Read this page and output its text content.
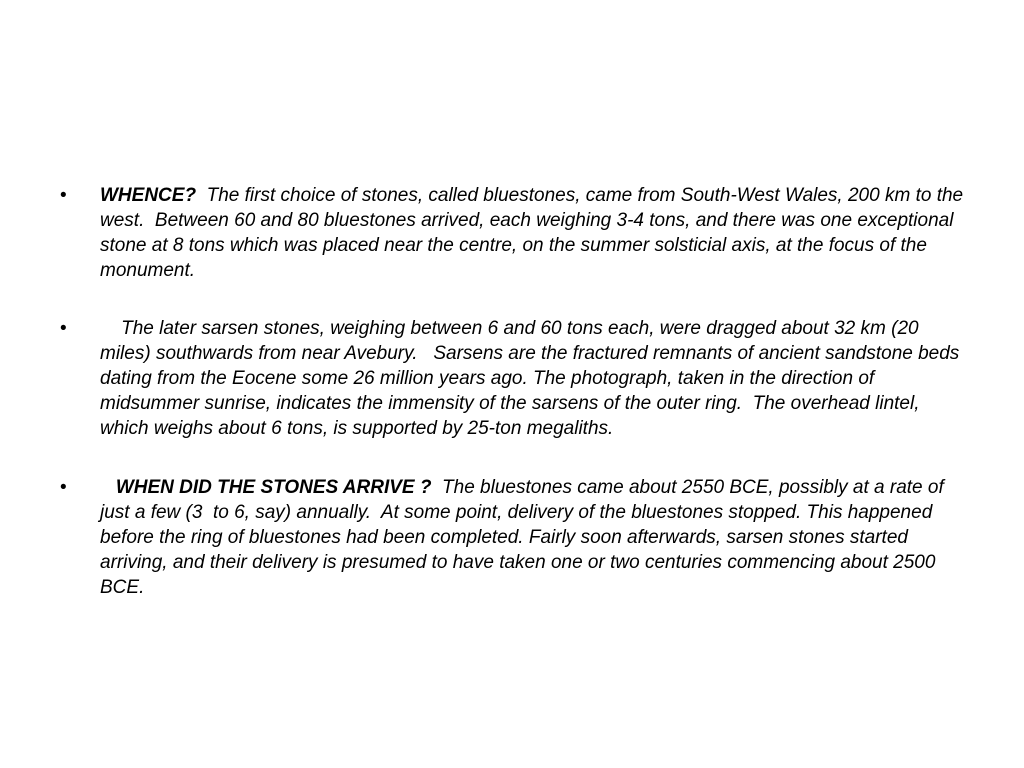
•	WHENCE?  The first choice of stones, called bluestones, came from South-West Wales, 200 km to the west.  Between 60 and 80 bluestones arrived, each weighing 3-4 tons, and there was one exceptional stone at 8 tons which was placed near the centre, on the summer solsticial axis, at the focus of the monument.
•	The later sarsen stones, weighing between 6 and 60 tons each, were dragged about 32 km (20 miles) southwards from near Avebury.   Sarsens are the fractured remnants of ancient sandstone beds dating from the Eocene some 26 million years ago. The photograph, taken in the direction of midsummer sunrise, indicates the immensity of the sarsens of the outer ring.  The overhead lintel, which weighs about 6 tons, is supported by 25-ton megaliths.
•	WHEN DID THE STONES ARRIVE ?  The bluestones came about 2550 BCE, possibly at a rate of just a few (3  to 6, say) annually.  At some point, delivery of the bluestones stopped. This happened before the ring of bluestones had been completed. Fairly soon afterwards, sarsen stones started arriving, and their delivery is presumed to have taken one or two centuries commencing about 2500 BCE.
